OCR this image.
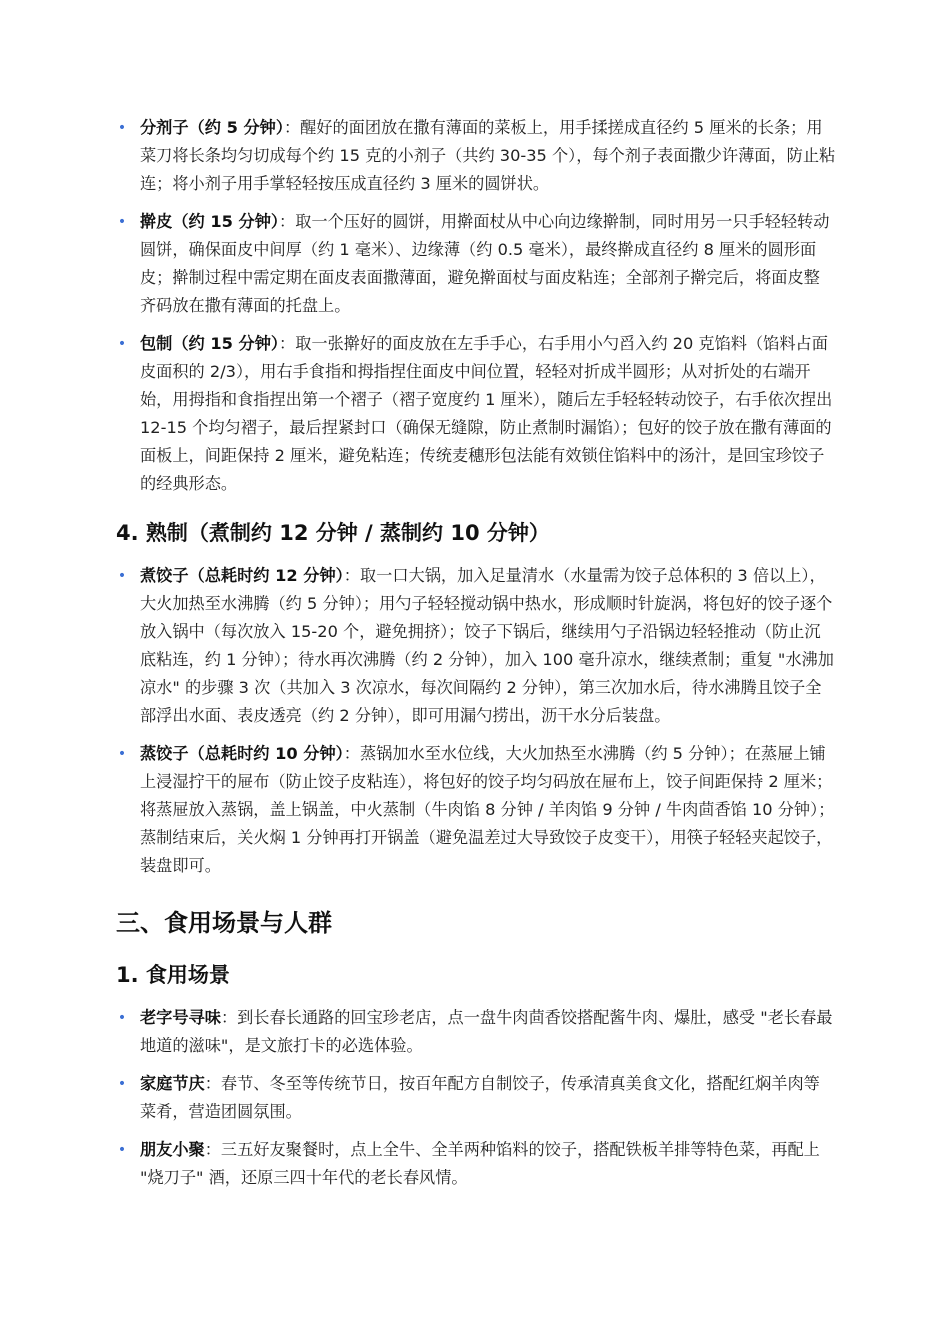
• 分剂子（约 5 分钟）：醒好的面团放在撒有薄面的菜板上，用手揉搓成直径约 5 厘米的长条；用菜刀将长条均匀切成每个约 15 克的小剂子（共约 30-35 个），每个剂子表面撒少许薄面，防止粘连；将小剂子用手掌轻轻按压成直径约 3 厘米的圆饼状。
• 擀皮（约 15 分钟）：取一个压好的圆饼，用擀面杖从中心向边缘擀制，同时用另一只手轻轻转动圆饼，确保面皮中间厚（约 1 毫米）、边缘薄（约 0.5 毫米），最终擀成直径约 8 厘米的圆形面皮；擀制过程中需定期在面皮表面撒薄面，避免擀面杖与面皮粘连；全部剂子擀完后，将面皮整齐码放在撒有薄面的托盘上。
• 包制（约 15 分钟）：取一张擀好的面皮放在左手手心，右手用小勺舀入约 20 克馅料（馅料占面皮面积的 2/3），用右手食指和拇指捏住面皮中间位置，轻轻对折成半圆形；从对折处的右端开始，用拇指和食指捏出第一个褶子（褶子宽度约 1 厘米），随后左手轻轻转动饺子，右手依次捏出 12-15 个均匀褶子，最后捏紧封口（确保无缝隙，防止煮制时漏馅）；包好的饺子放在撒有薄面的面板上，间距保持 2 厘米，避免粘连；传统麦穗形包法能有效锁住馅料中的汤汁，是回宝珍饺子的经典形态。
4. 熟制（煮制约 12 分钟 / 蒸制约 10 分钟）
• 煮饺子（总耗时约 12 分钟）：取一口大锅，加入足量清水（水量需为饺子总体积的 3 倍以上），大火加热至水沸腾（约 5 分钟）；用勺子轻轻搅动锅中热水，形成顺时针旋涡，将包好的饺子逐个放入锅中（每次放入 15-20 个，避免拥挤）；饺子下锅后，继续用勺子沿锅边轻轻推动（防止沉底粘连，约 1 分钟）；待水再次沸腾（约 2 分钟），加入 100 毫升凉水，继续煮制；重复 "水沸加凉水" 的步骤 3 次（共加入 3 次凉水，每次间隔约 2 分钟），第三次加水后，待水沸腾且饺子全部浮出水面、表皮透亮（约 2 分钟），即可用漏勺捞出，沥干水分后装盘。
• 蒸饺子（总耗时约 10 分钟）：蒸锅加水至水位线，大火加热至水沸腾（约 5 分钟）；在蒸屉上铺上浸湿拧干的屉布（防止饺子皮粘连），将包好的饺子均匀码放在屉布上，饺子间距保持 2 厘米；将蒸屉放入蒸锅，盖上锅盖，中火蒸制（牛肉馅 8 分钟 / 羊肉馅 9 分钟 / 牛肉茴香馅 10 分钟）；蒸制结束后，关火焖 1 分钟再打开锅盖（避免温差过大导致饺子皮变干），用筷子轻轻夹起饺子，装盘即可。
三、食用场景与人群
1. 食用场景
• 老字号寻味：到长春长通路的回宝珍老店，点一盘牛肉茴香饺搭配酱牛肉、爆肚，感受 "老长春最地道的滋味"，是文旅打卡的必选体验。
• 家庭节庆：春节、冬至等传统节日，按百年配方自制饺子，传承清真美食文化，搭配红焖羊肉等菜肴，营造团圆氛围。
• 朋友小聚：三五好友聚餐时，点上全牛、全羊两种馅料的饺子，搭配铁板羊排等特色菜，再配上 "烧刀子" 酒，还原三四十年代的老长春风情。
